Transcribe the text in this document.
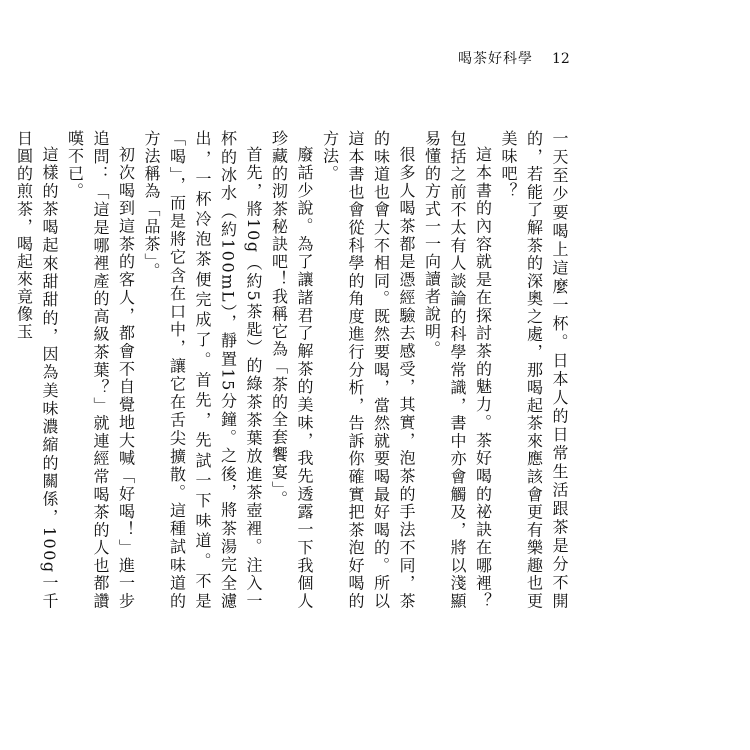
喝茶好科學 12

一天至少要喝上這麼一杯。日本人的日常生活跟茶是分不開的，若能了解茶的深奧之處，那喝起茶來應該會更有樂趣也更美味吧？

這本書的內容就是在探討茶的魅力。茶好喝的祕訣在哪裡？包括之前不太有人談論的科學常識，書中亦會觸及，將以淺顯易懂的方式一一向讀者說明。

很多人喝茶都是憑經驗去感受，其實，泡茶的手法不同，茶的味道也會大不相同。既然要喝，當然就要喝最好喝的。所以這本書也會從科學的角度進行分析，告訴你確實把茶泡好喝的方法。

廢話少說。為了讓諸君了解茶的美味，我先透露一下我個人珍藏的沏茶秘訣吧！我稱它為「茶的全套饗宴」。

首先，將10g（約5茶匙）的綠茶茶葉放進茶壺裡。注入一杯的冰水（約100mL），靜置15分鐘。之後，將茶湯完全濾出，一杯冷泡茶便完成了。首先，先試一下味道。不是「喝」，而是將它含在口中，讓它在舌尖擴散。這種試味道的方法稱為「品茶」。

初次喝到這茶的客人，都會不自覺地大喊「好喝！」進一步追問：「這是哪裡產的高級茶葉？」就連經常喝茶的人也都讚嘆不已。

這樣的茶喝起來甜甜的，因為美味濃縮的關係，100g一千日圓的煎茶，喝起來竟像玉
